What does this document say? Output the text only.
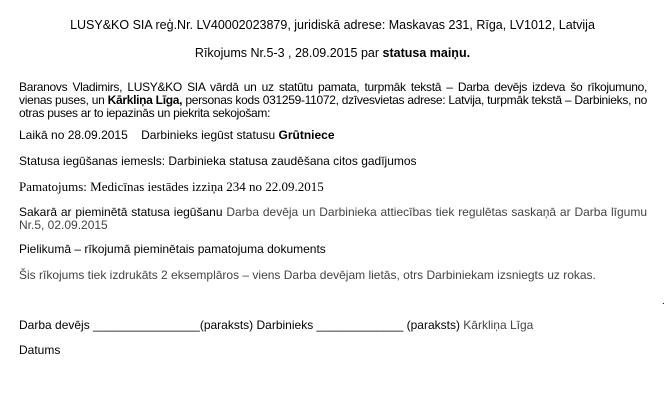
LUSY&KO SIA reģ.Nr. LV40002023879, juridiskā adrese: Maskavas 231, Rīga, LV1012, Latvija

Rīkojums Nr.5-3 , 28.09.2015 par statusa maiņu.

Baranovs Vladimirs, LUSY&KO SIA vārdā un uz statūtu pamata, turpmāk tekstā – Darba devējs izdeva šo rīkojumuno, vienas puses, un Kārkliņa Līga, personas kods 031259-11072, dzīvesvietas adrese: Latvija, turpmāk tekstā – Darbinieks, no otras puses ar to iepazinās un piekrita sekojošam:

Laikā no 28.09.2015    Darbinieks iegūst statusu Grūtniece

Statusa iegūšanas iemesls: Darbinieka statusa zaudēšana citos gadījumos

Pamatojums: Medicīnas iestādes izziņa 234 no 22.09.2015

Sakarā ar pieminētā statusa iegūšanu Darba devēja un Darbinieka attiecības tiek regulētas saskaņā ar Darba līgumu Nr.5, 02.09.2015

Pielikumā – rīkojumā pieminētais pamatojuma dokuments

Šis rīkojums tiek izdrukāts 2 eksemplāros – viens Darba devējam lietās, otrs Darbiniekam izsniegts uz rokas.

.

Darba devējs ________________(paraksts) Darbinieks _____________ (paraksts) Kārkliņa Līga

Datums
